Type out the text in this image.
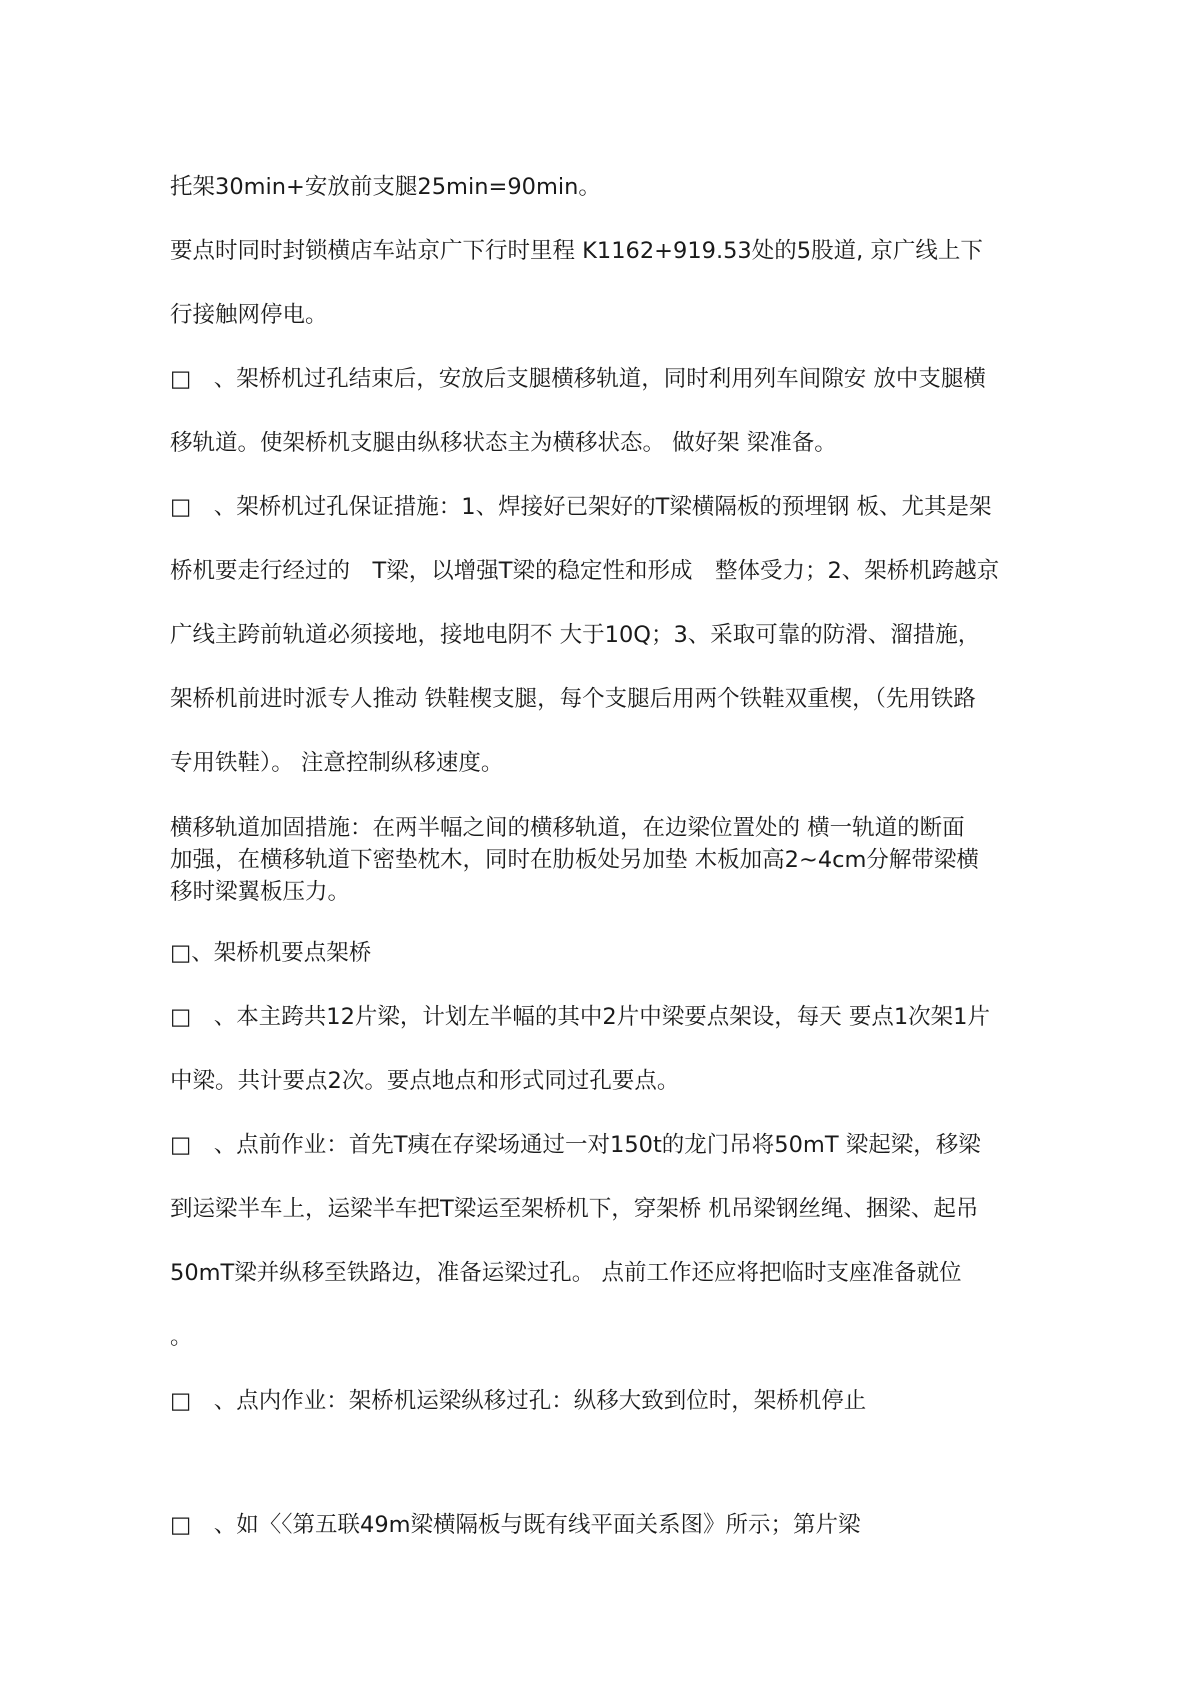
托架30min+安放前支腿25min=90min。
要点时同时封锁横店车站京广下行时里程 K1162+919.53处的5股道, 京广线上下
行接触网停电。
□　、架桥机过孔结束后，安放后支腿横移轨道，同时利用列车间隙安 放中支腿横
移轨道。使架桥机支腿由纵移状态主为横移状态。 做好架 梁准备。
□　、架桥机过孔保证措施：1、焊接好已架好的T梁横隔板的预埋钢 板、尤其是架
桥机要走行经过的　T梁，以增强T梁的稳定性和形成　整体受力；2、架桥机跨越京
广线主跨前轨道必须接地，接地电阴不 大于10Q；3、采取可靠的防滑、溜措施，
架桥机前进时派专人推动 铁鞋楔支腿，每个支腿后用两个铁鞋双重楔，（先用铁路
专用铁鞋）。 注意控制纵移速度。
横移轨道加固措施：在两半幅之间的横移轨道，在边梁位置处的 横一轨道的断面
加强，在横移轨道下密垫枕木，同时在肋板处另加垫 木板加高2~4cm分解带梁横
移时梁翼板压力。
□、架桥机要点架桥
□　、本主跨共12片梁，计划左半幅的其中2片中梁要点架设，每天 要点1次架1片
中梁。共计要点2次。要点地点和形式同过孔要点。
□　、点前作业：首先T痍在存梁场通过一对150t的龙门吊将50mT 梁起梁，移梁
到运梁半车上，运梁半车把T梁运至架桥机下，穿架桥 机吊梁钢丝绳、捆梁、起吊
50mT梁并纵移至铁路边，准备运梁过孔。 点前工作还应将把临时支座准备就位
。
□　、点内作业：架桥机运梁纵移过孔：纵移大致到位时，架桥机停止
□　、如〈〈第五联49m梁横隔板与既有线平面关系图》所示；第片梁
